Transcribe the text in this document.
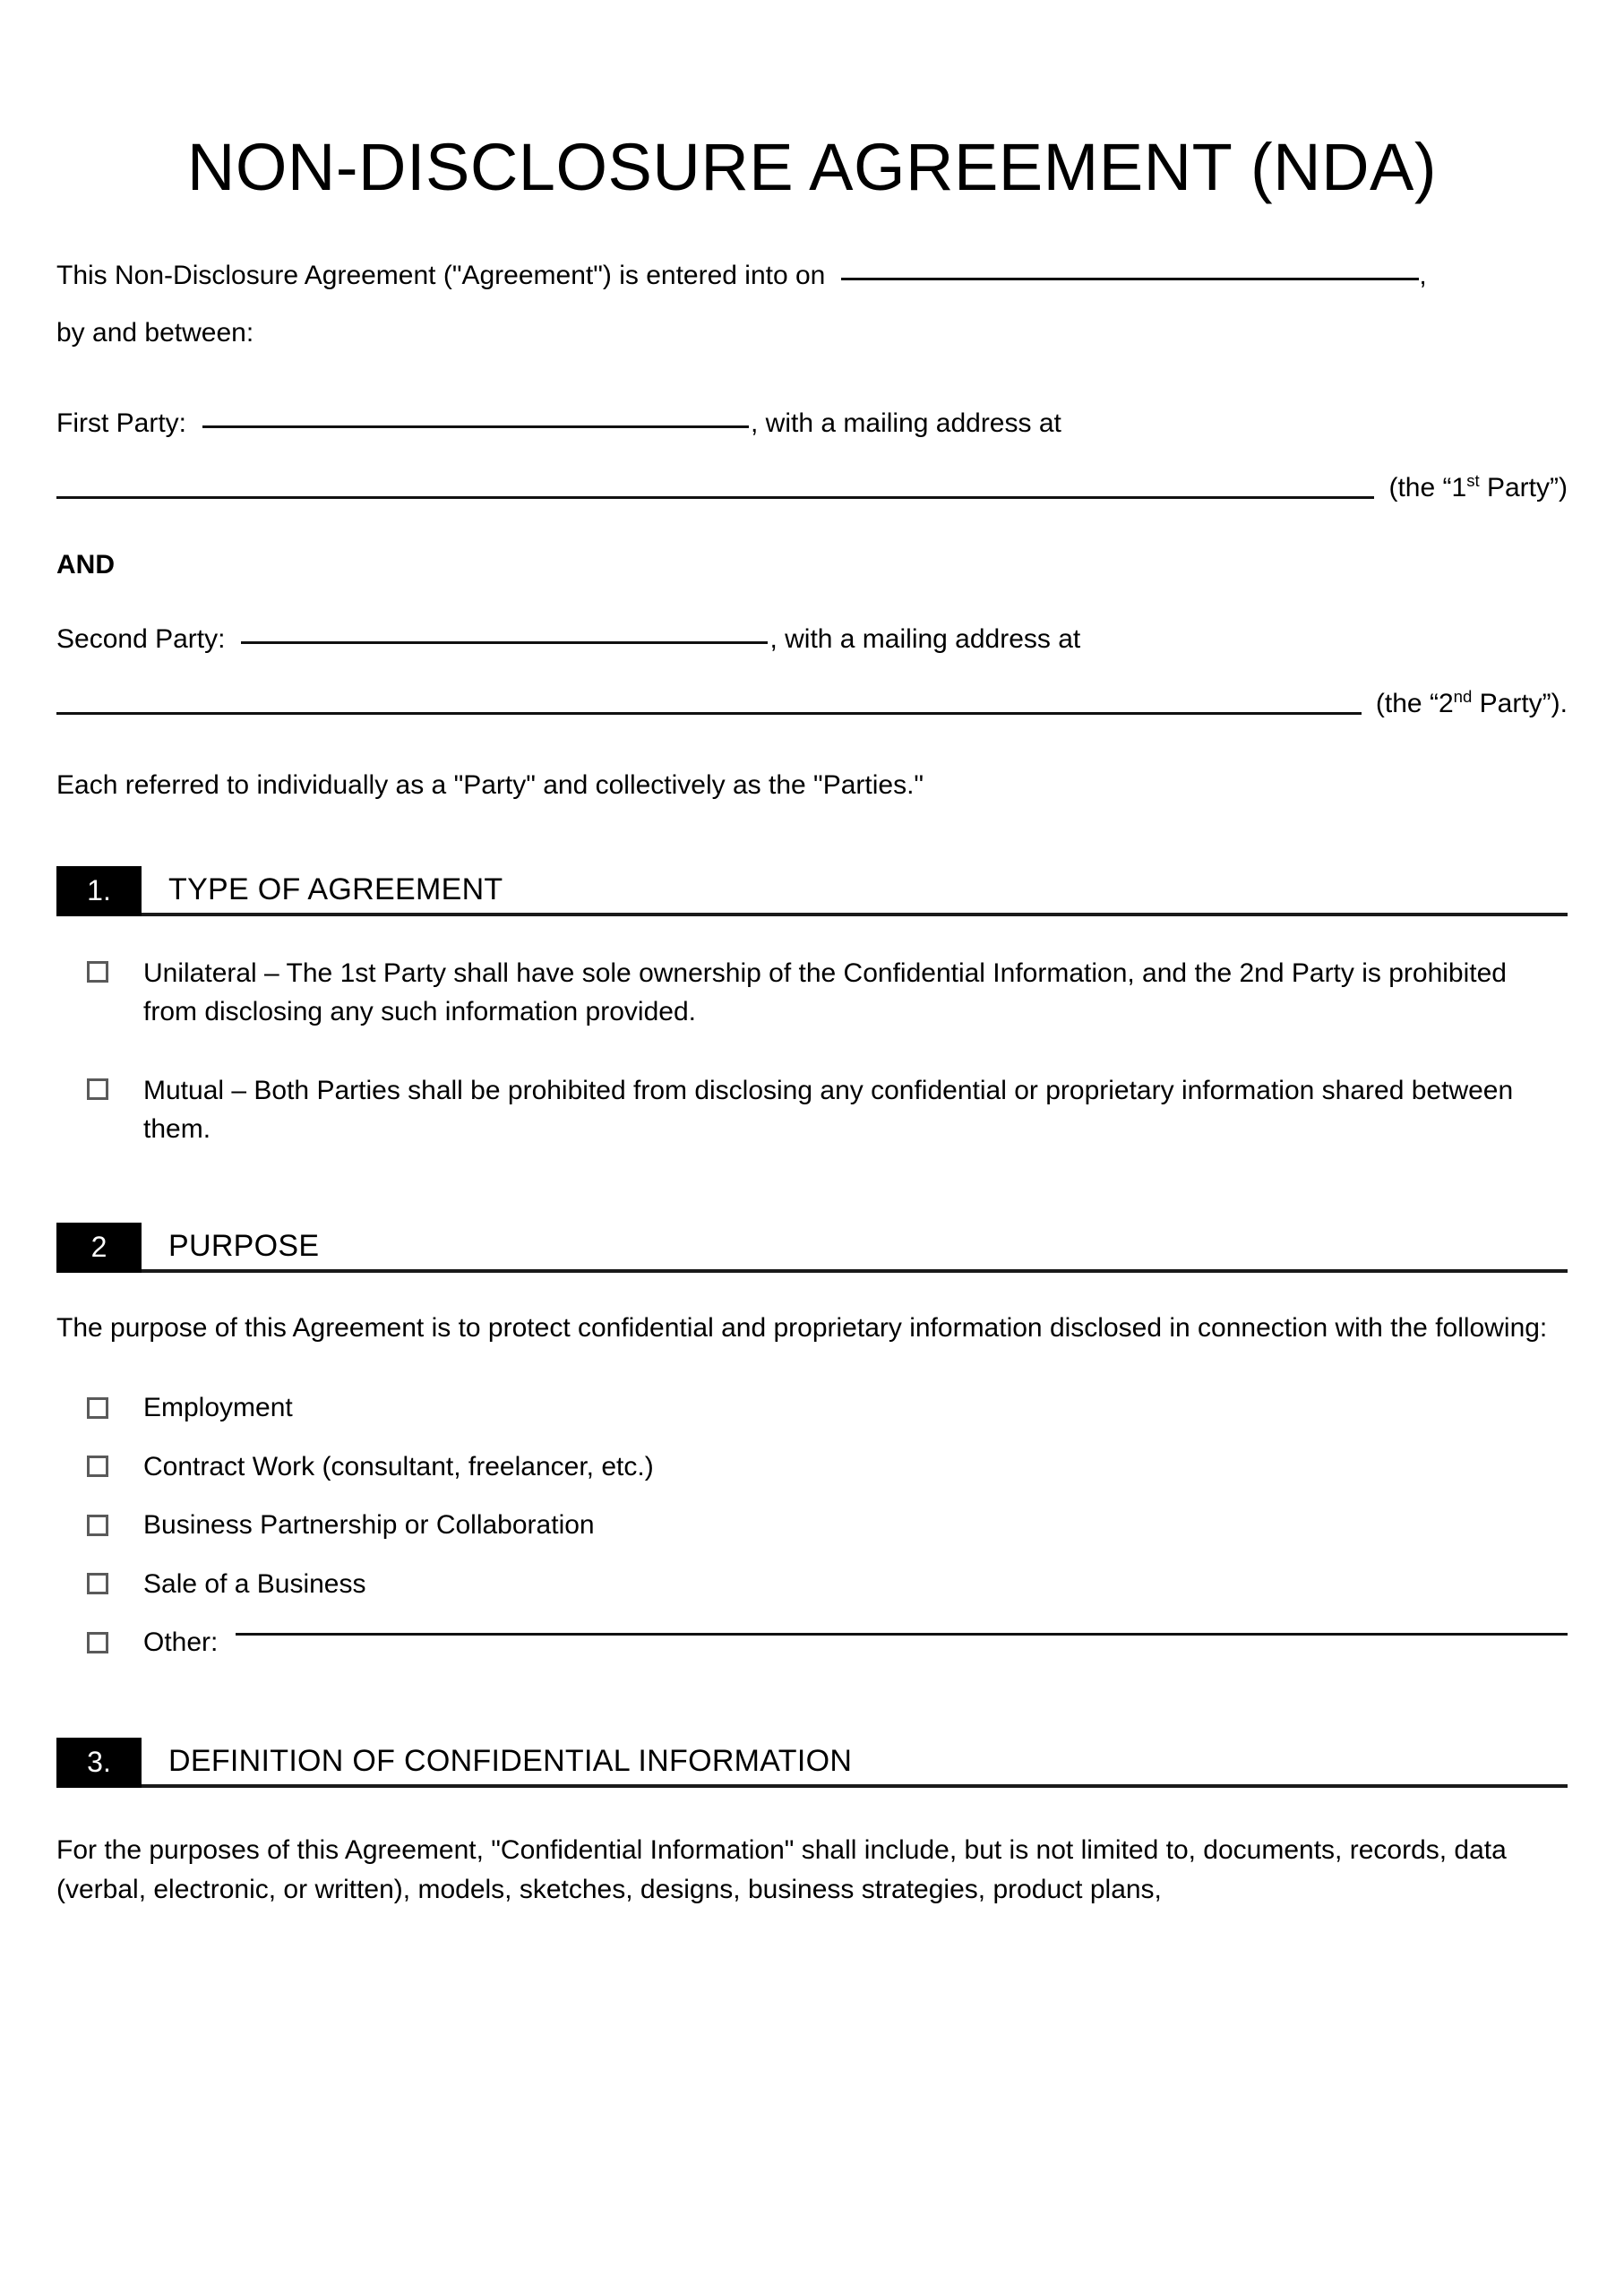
NON-DISCLOSURE AGREEMENT (NDA)
This Non-Disclosure Agreement ("Agreement") is entered into on	,
by and between:
First Party:	, with a mailing address at
(the “1st Party”)
AND
Second Party:	, with a mailing address at
(the “2nd Party”).
Each referred to individually as a "Party" and collectively as the "Parties."
1.	TYPE OF AGREEMENT
Unilateral – The 1st Party shall have sole ownership of the Confidential Information, and the 2nd Party is prohibited from disclosing any such information provided.
Mutual – Both Parties shall be prohibited from disclosing any confidential or proprietary information shared between them.
2	PURPOSE
The purpose of this Agreement is to protect confidential and proprietary information disclosed in connection with the following:
Employment
Contract Work (consultant, freelancer, etc.)
Business Partnership or Collaboration
Sale of a Business
Other:
3.	DEFINITION OF CONFIDENTIAL INFORMATION
For the purposes of this Agreement, "Confidential Information" shall include, but is not limited to, documents, records, data (verbal, electronic, or written), models, sketches, designs, business strategies, product plans,
